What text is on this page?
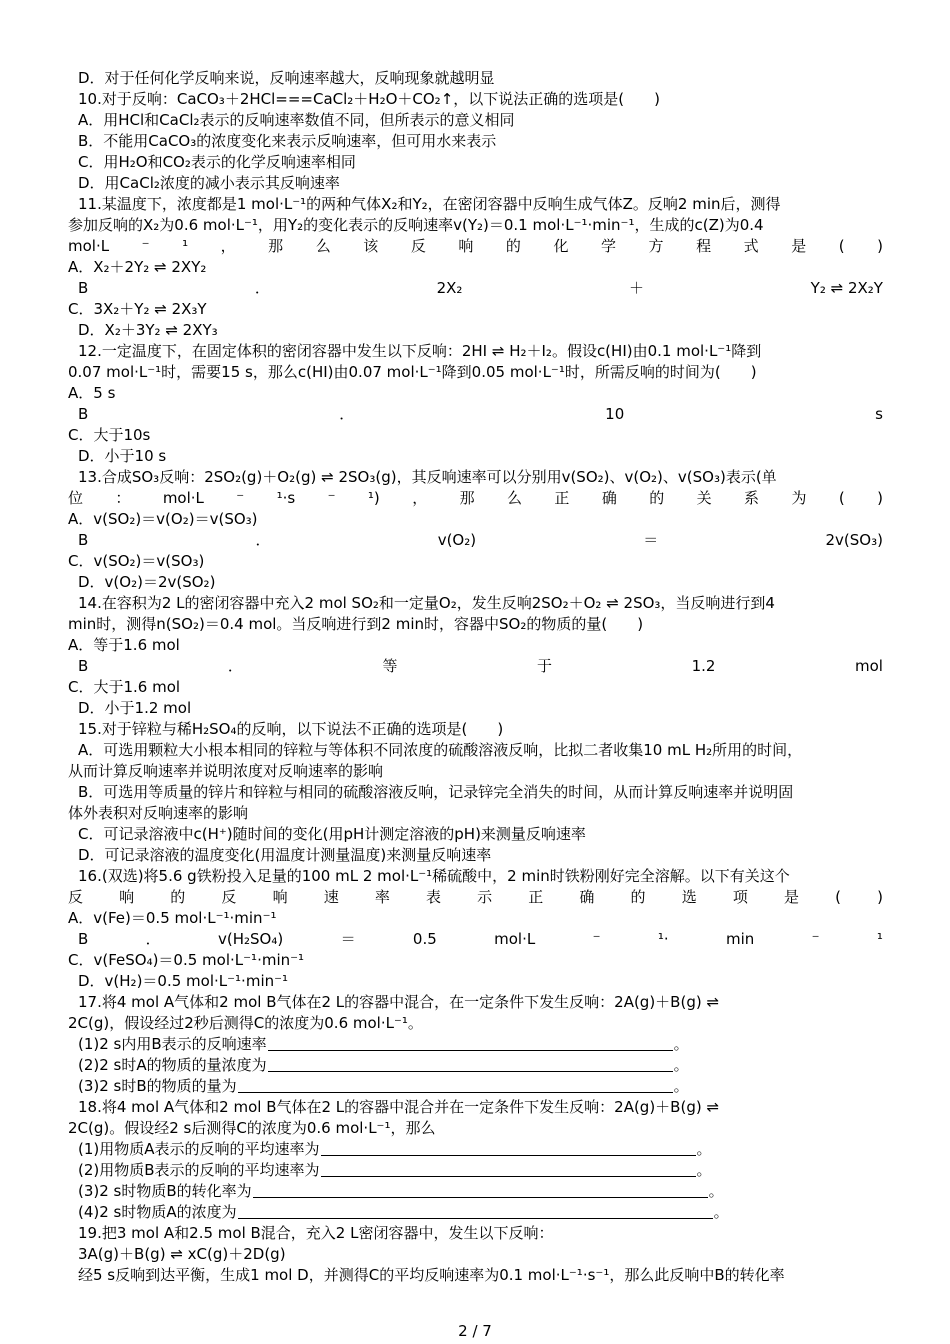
D．对于任何化学反响来说，反响速率越大，反响现象就越明显
10.对于反响：CaCO₃＋2HCl===CaCl₂＋H₂O＋CO₂↑，以下说法正确的选项是(　　)
A．用HCl和CaCl₂表示的反响速率数值不同，但所表示的意义相同
B．不能用CaCO₃的浓度变化来表示反响速率，但可用水来表示
C．用H₂O和CO₂表示的化学反响速率相同
D．用CaCl₂浓度的减小表示其反响速率
11.某温度下，浓度都是1 mol·L⁻¹的两种气体X₂和Y₂，在密闭容器中反响生成气体Z。反响2 min后，测得
参加反响的X₂为0.6 mol·L⁻¹，用Y₂的变化表示的反响速率v(Y₂)＝0.1 mol·L⁻¹·min⁻¹，生成的c(Z)为0.4
mol·L ⁻ ¹ ， 那 么 该 反 响 的 化 学 方 程 式 是 ( )
A．X₂＋2Y₂ ⇌ 2XY₂
B	．	2X₂	＋	Y₂ ⇌ 2X₂Y
C．3X₂＋Y₂ ⇌ 2X₃Y
D．X₂＋3Y₂ ⇌ 2XY₃
12.一定温度下，在固定体积的密闭容器中发生以下反响：2HI ⇌ H₂＋I₂。假设c(HI)由0.1 mol·L⁻¹降到
0.07 mol·L⁻¹时，需要15 s，那么c(HI)由0.07 mol·L⁻¹降到0.05 mol·L⁻¹时，所需反响的时间为(　　)
A．5 s
B	．	10	s
C．大于10s
D．小于10 s
13.合成SO₃反响：2SO₂(g)＋O₂(g) ⇌ 2SO₃(g)，其反响速率可以分别用v(SO₂)、v(O₂)、v(SO₃)表示(单
位 ： mol·L ⁻ ¹·s ⁻ ¹) ， 那 么 正 确 的 关 系 为 ( )
A．v(SO₂)＝v(O₂)＝v(SO₃)
B	．	v(O₂)	＝	2v(SO₃)
C．v(SO₂)＝v(SO₃)
D．v(O₂)＝2v(SO₂)
14.在容积为2 L的密闭容器中充入2 mol SO₂和一定量O₂，发生反响2SO₂＋O₂ ⇌ 2SO₃，当反响进行到4
min时，测得n(SO₂)＝0.4 mol。当反响进行到2 min时，容器中SO₂的物质的量(　　)
A．等于1.6 mol
B	．	等	于	1.2	mol
C．大于1.6 mol
D．小于1.2 mol
15.对于锌粒与稀H₂SO₄的反响，以下说法不正确的选项是(　　)
A．可选用颗粒大小根本相同的锌粒与等体积不同浓度的硫酸溶液反响，比拟二者收集10 mL H₂所用的时间，
从而计算反响速率并说明浓度对反响速率的影响
B．可选用等质量的锌片和锌粒与相同的硫酸溶液反响，记录锌完全消失的时间，从而计算反响速率并说明固
体外表积对反响速率的影响
C．可记录溶液中c(H⁺)随时间的变化(用pH计测定溶液的pH)来测量反响速率
D．可记录溶液的温度变化(用温度计测量温度)来测量反响速率
16.(双选)将5.6 g铁粉投入足量的100 mL 2 mol·L⁻¹稀硫酸中，2 min时铁粉刚好完全溶解。以下有关这个
反 响 的 反 响 速 率 表 示 正 确 的 选 项 是 ( )
A．v(Fe)＝0.5 mol·L⁻¹·min⁻¹
B	．	v(H₂SO₄)	＝	0.5	mol·L	⁻	¹·	min	⁻	¹
C．v(FeSO₄)＝0.5 mol·L⁻¹·min⁻¹
D．v(H₂)＝0.5 mol·L⁻¹·min⁻¹
17.将4 mol A气体和2 mol B气体在2 L的容器中混合，在一定条件下发生反响：2A(g)＋B(g) ⇌
2C(g)，假设经过2秒后测得C的浓度为0.6 mol·L⁻¹。
(1)2 s内用B表示的反响速率	。
(2)2 s时A的物质的量浓度为	。
(3)2 s时B的物质的量为	。
18.将4 mol A气体和2 mol B气体在2 L的容器中混合并在一定条件下发生反响：2A(g)＋B(g) ⇌
2C(g)。假设经2 s后测得C的浓度为0.6 mol·L⁻¹，那么
(1)用物质A表示的反响的平均速率为	。
(2)用物质B表示的反响的平均速率为	。
(3)2 s时物质B的转化率为	。
(4)2 s时物质A的浓度为	。
19.把3 mol A和2.5 mol B混合，充入2 L密闭容器中，发生以下反响：
3A(g)＋B(g) ⇌ xC(g)＋2D(g)
经5 s反响到达平衡，生成1 mol D，并测得C的平均反响速率为0.1 mol·L⁻¹·s⁻¹，那么此反响中B的转化率
2 / 7
